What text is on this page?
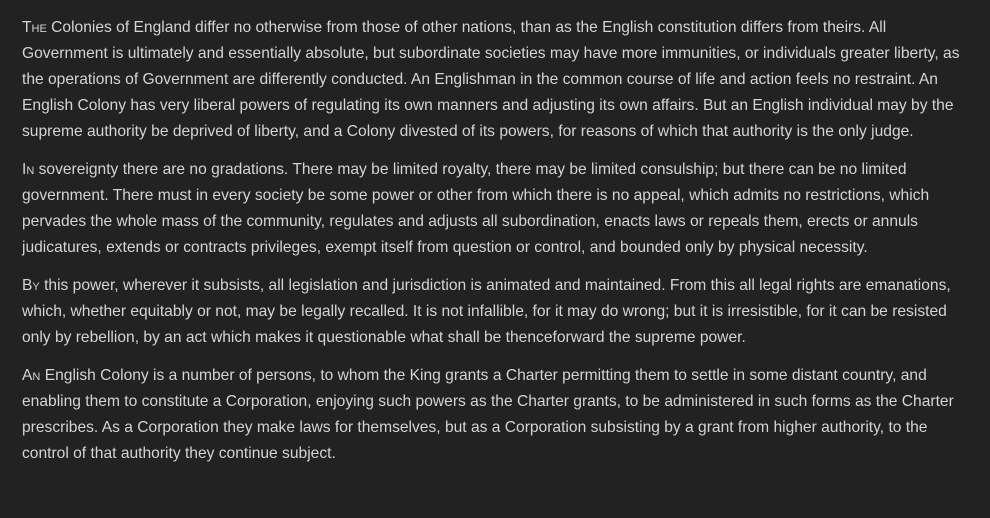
The Colonies of England differ no otherwise from those of other nations, than as the English constitution differs from theirs. All Government is ultimately and essentially absolute, but subordinate societies may have more immunities, or individuals greater liberty, as the operations of Government are differently conducted. An Englishman in the common course of life and action feels no restraint. An English Colony has very liberal powers of regulating its own manners and adjusting its own affairs. But an English individual may by the supreme authority be deprived of liberty, and a Colony divested of its powers, for reasons of which that authority is the only judge.

In sovereignty there are no gradations. There may be limited royalty, there may be limited consulship; but there can be no limited government. There must in every society be some power or other from which there is no appeal, which admits no restrictions, which pervades the whole mass of the community, regulates and adjusts all subordination, enacts laws or repeals them, erects or annuls judicatures, extends or contracts privileges, exempt itself from question or control, and bounded only by physical necessity.

By this power, wherever it subsists, all legislation and jurisdiction is animated and maintained. From this all legal rights are emanations, which, whether equitably or not, may be legally recalled. It is not infallible, for it may do wrong; but it is irresistible, for it can be resisted only by rebellion, by an act which makes it questionable what shall be thenceforward the supreme power.

An English Colony is a number of persons, to whom the King grants a Charter permitting them to settle in some distant country, and enabling them to constitute a Corporation, enjoying such powers as the Charter grants, to be administered in such forms as the Charter prescribes. As a Corporation they make laws for themselves, but as a Corporation subsisting by a grant from higher authority, to the control of that authority they continue subject.
